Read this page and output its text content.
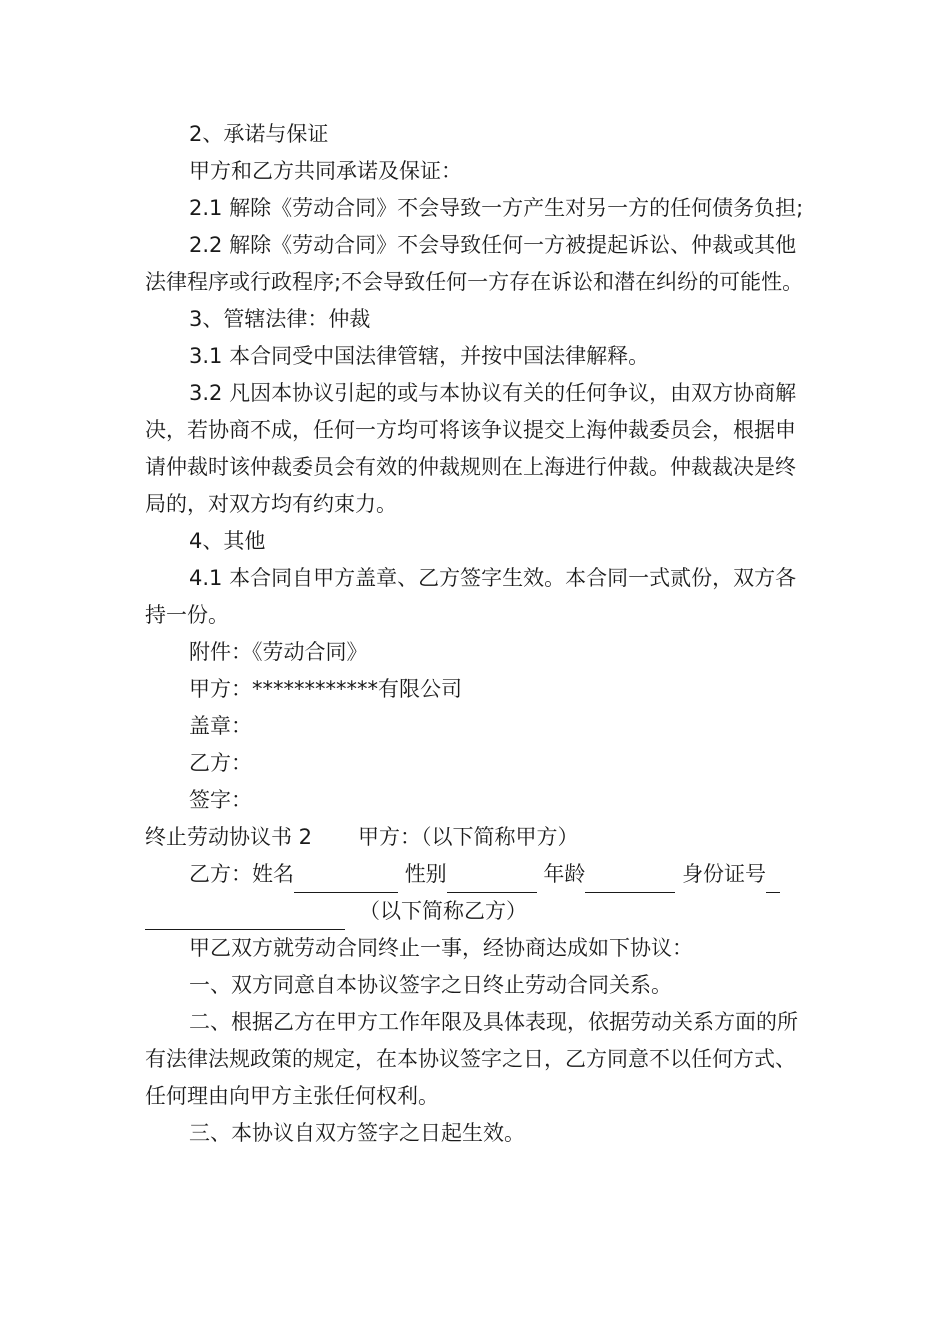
2、承诺与保证

甲方和乙方共同承诺及保证：

2.1 解除《劳动合同》不会导致一方产生对另一方的任何债务负担;

2.2 解除《劳动合同》不会导致任何一方被提起诉讼、仲裁或其他法律程序或行政程序;不会导致任何一方存在诉讼和潜在纠纷的可能性。

3、管辖法律：仲裁

3.1 本合同受中国法律管辖，并按中国法律解释。

3.2 凡因本协议引起的或与本协议有关的任何争议，由双方协商解决，若协商不成，任何一方均可将该争议提交上海仲裁委员会，根据申请仲裁时该仲裁委员会有效的仲裁规则在上海进行仲裁。仲裁裁决是终局的，对双方均有约束力。

4、其他

4.1 本合同自甲方盖章、乙方签字生效。本合同一式贰份，双方各持一份。

附件：《劳动合同》

甲方：************有限公司

盖章：

乙方：

签字：

终止劳动协议书 2 甲方：（以下简称甲方）

乙方：姓名	性别	年龄	身份证号

（以下简称乙方）

甲乙双方就劳动合同终止一事，经协商达成如下协议：

一、双方同意自本协议签字之日终止劳动合同关系。

二、根据乙方在甲方工作年限及具体表现，依据劳动关系方面的所有法律法规政策的规定，在本协议签字之日，乙方同意不以任何方式、任何理由向甲方主张任何权利。

三、本协议自双方签字之日起生效。
